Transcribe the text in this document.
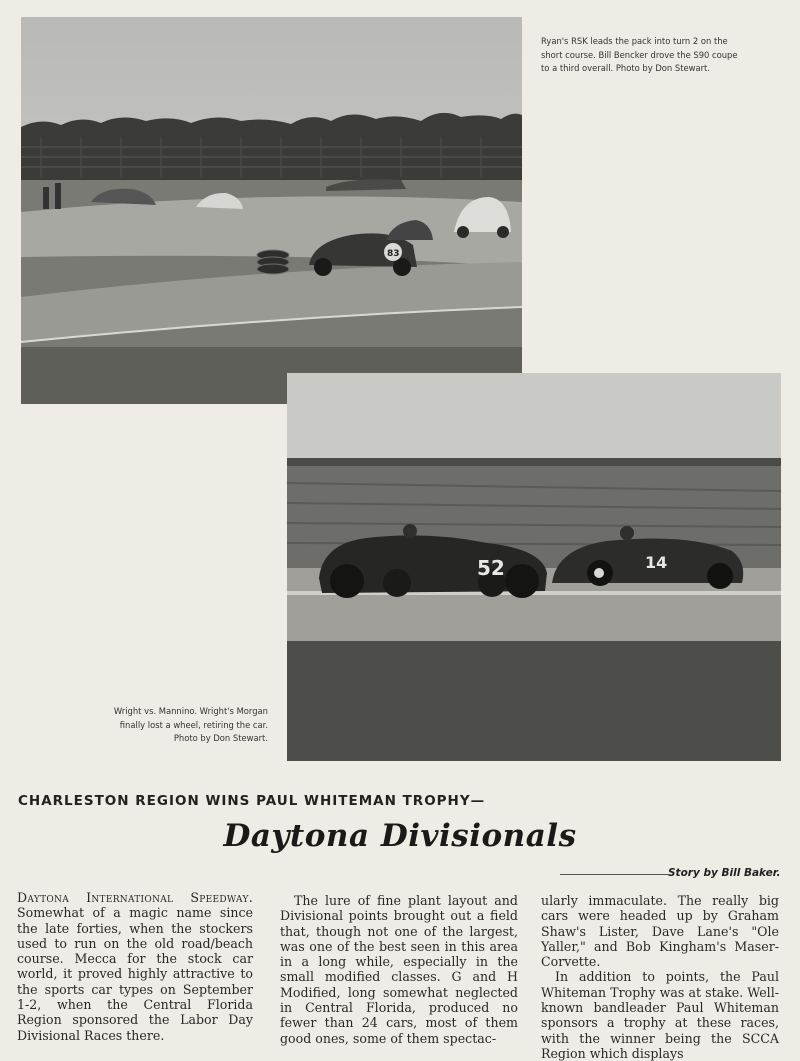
83
Ryan's RSK leads the pack into turn 2 on the
short course. Bill Bencker drove the S90 coupe
to a third overall. Photo by Don Stewart.
52	14
Wright vs. Mannino. Wright's Morgan
finally lost a wheel, retiring the car.
Photo by Don Stewart.
CHARLESTON REGION WINS PAUL WHITEMAN TROPHY—
Daytona Divisionals
Story by Bill Baker.

Daytona International Speedway. Somewhat of a magic name since the late forties, when the stockers used to run on the old road/beach course. Mecca for the stock car world, it proved highly attractive to the sports car types on September 1-2, when the Central Florida Region sponsored the Labor Day Divisional Races there.

The lure of fine plant layout and Divisional points brought out a field that, though not one of the largest, was one of the best seen in this area in a long while, especially in the small modified classes. G and H Modified, long somewhat neglected in Central Florida, produced no fewer than 24 cars, most of them good ones, some of them spectac-

ularly immaculate. The really big cars were headed up by Graham Shaw's Lister, Dave Lane's "Ole Yaller," and Bob Kingham's Maser-Corvette.

In addition to points, the Paul Whiteman Trophy was at stake. Well-known bandleader Paul Whiteman sponsors a trophy at these races, with the winner being the SCCA Region which displays
